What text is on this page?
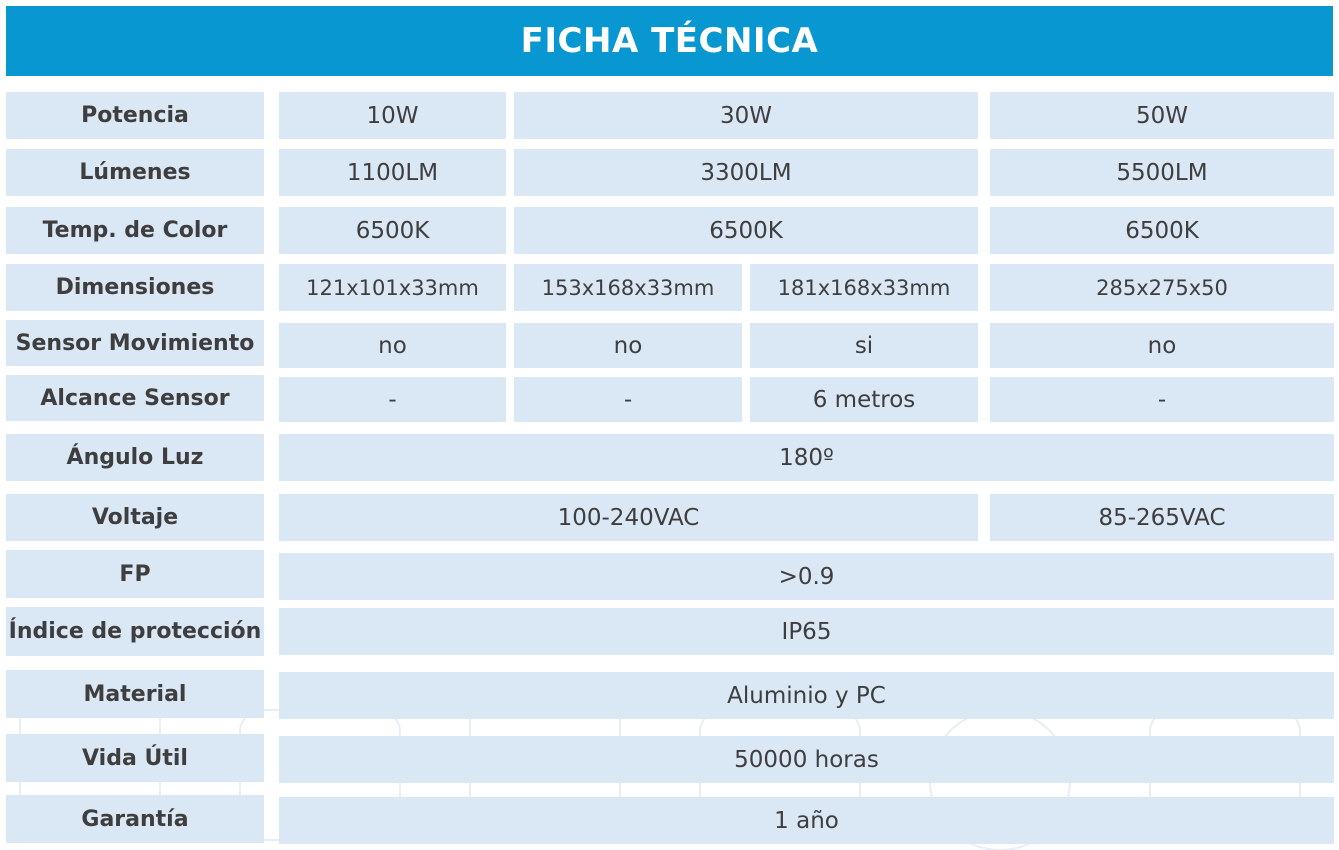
FICHA TÉCNICA
Potencia	10W	30W	50W
Lúmenes	1100LM	3300LM	5500LM
Temp. de Color	6500K	6500K	6500K
Dimensiones	121x101x33mm	153x168x33mm	181x168x33mm	285x275x50
Sensor Movimiento	no	no	si	no
Alcance Sensor	-	-	6 metros	-
Ángulo Luz	180º
Voltaje	100-240VAC	85-265VAC
FP	>0.9
Índice de protección	IP65
Material	Aluminio y PC
Vida Útil	50000 horas
Garantía	1 año
